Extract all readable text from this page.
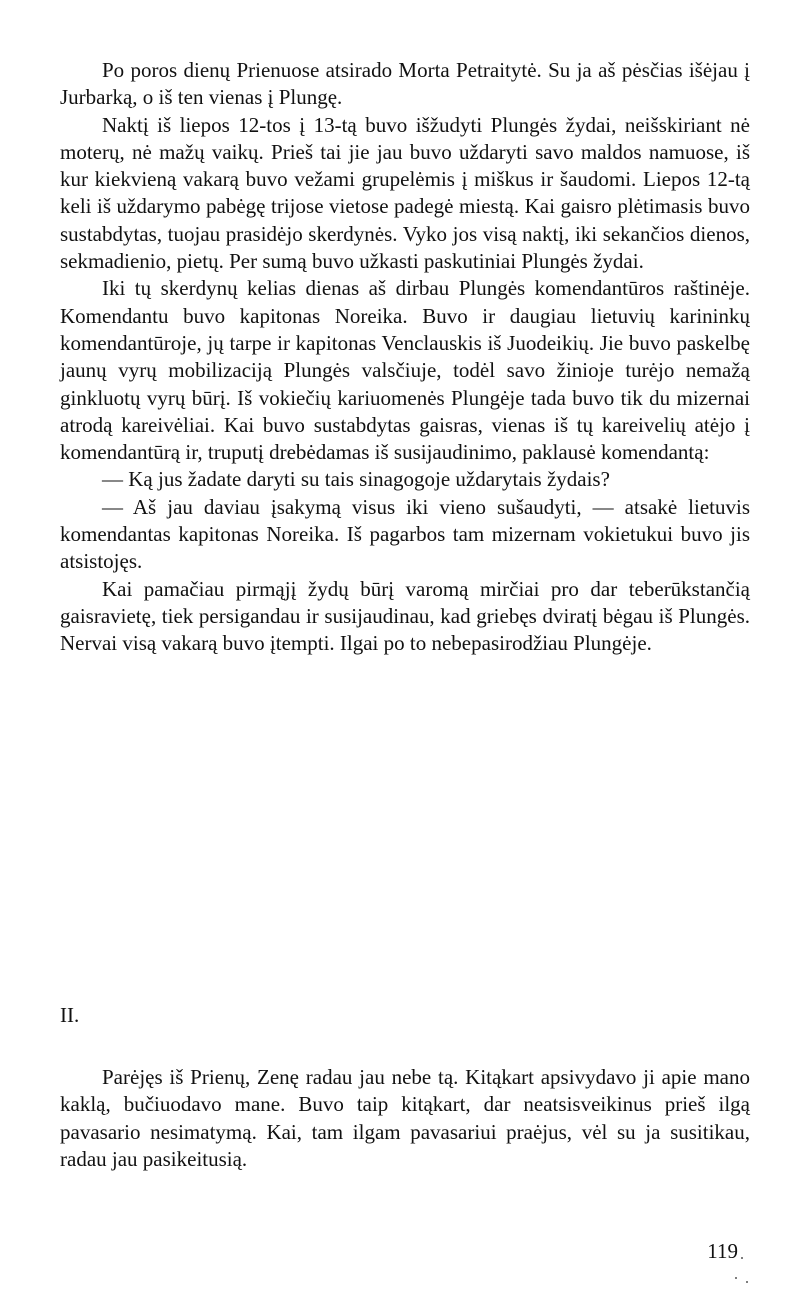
Po poros dienų Prienuose atsirado Morta Petraitytė. Su ja aš pėsčias išėjau į Jurbarką, o iš ten vienas į Plungę.

Naktį iš liepos 12-tos į 13-tą buvo išžudyti Plungės žydai, neišskiriant nė moterų, nė mažų vaikų. Prieš tai jie jau buvo uždaryti savo maldos namuose, iš kur kiekvieną vakarą buvo vežami grupelėmis į miškus ir šaudomi. Liepos 12-tą keli iš uždarymo pabėgę trijose vietose padegė miestą. Kai gaisro plėtimasis buvo sustabdytas, tuojau prasidėjo skerdynės. Vyko jos visą naktį, iki sekančios dienos, sekmadienio, pietų. Per sumą buvo užkasti paskutiniai Plungės žydai.

Iki tų skerdynų kelias dienas aš dirbau Plungės komendantūros raštinėje. Komendantu buvo kapitonas Noreika. Buvo ir daugiau lietuvių karininkų komendantūroje, jų tarpe ir kapitonas Venclauskis iš Juodeikių. Jie buvo paskelbę jaunų vyrų mobilizaciją Plungės valsčiuje, todėl savo žinioje turėjo nemažą ginkluotų vyrų būrį. Iš vokiečių kariuomenės Plungėje tada buvo tik du mizernai atrodą kareivėliai. Kai buvo sustabdytas gaisras, vienas iš tų kareivelių atėjo į komendantūrą ir, truputį drebėdamas iš susijaudinimo, paklausė komendantą:

— Ką jus žadate daryti su tais sinagogoje uždarytais žydais?

— Aš jau daviau įsakymą visus iki vieno sušaudyti, — atsakė lietuvis komendantas kapitonas Noreika. Iš pagarbos tam mizernam vokietukui buvo jis atsistojęs.

Kai pamačiau pirmąjį žydų būrį varomą mirčiai pro dar teberūkstančią gaisravietę, tiek persigandau ir susijaudinau, kad griebęs dviratį bėgau iš Plungės. Nervai visą vakarą buvo įtempti. Ilgai po to nebepasirodžiau Plungėje.

II.

Parėjęs iš Prienų, Zenę radau jau nebe tą. Kitąkart apsivydavo ji apie mano kaklą, bučiuodavo mane. Buvo taip kitąkart, dar neatsisveikinus prieš ilgą pavasario nesimatymą. Kai, tam ilgam pavasariui praėjus, vėl su ja susitikau, radau jau pasikeitusią.

119
